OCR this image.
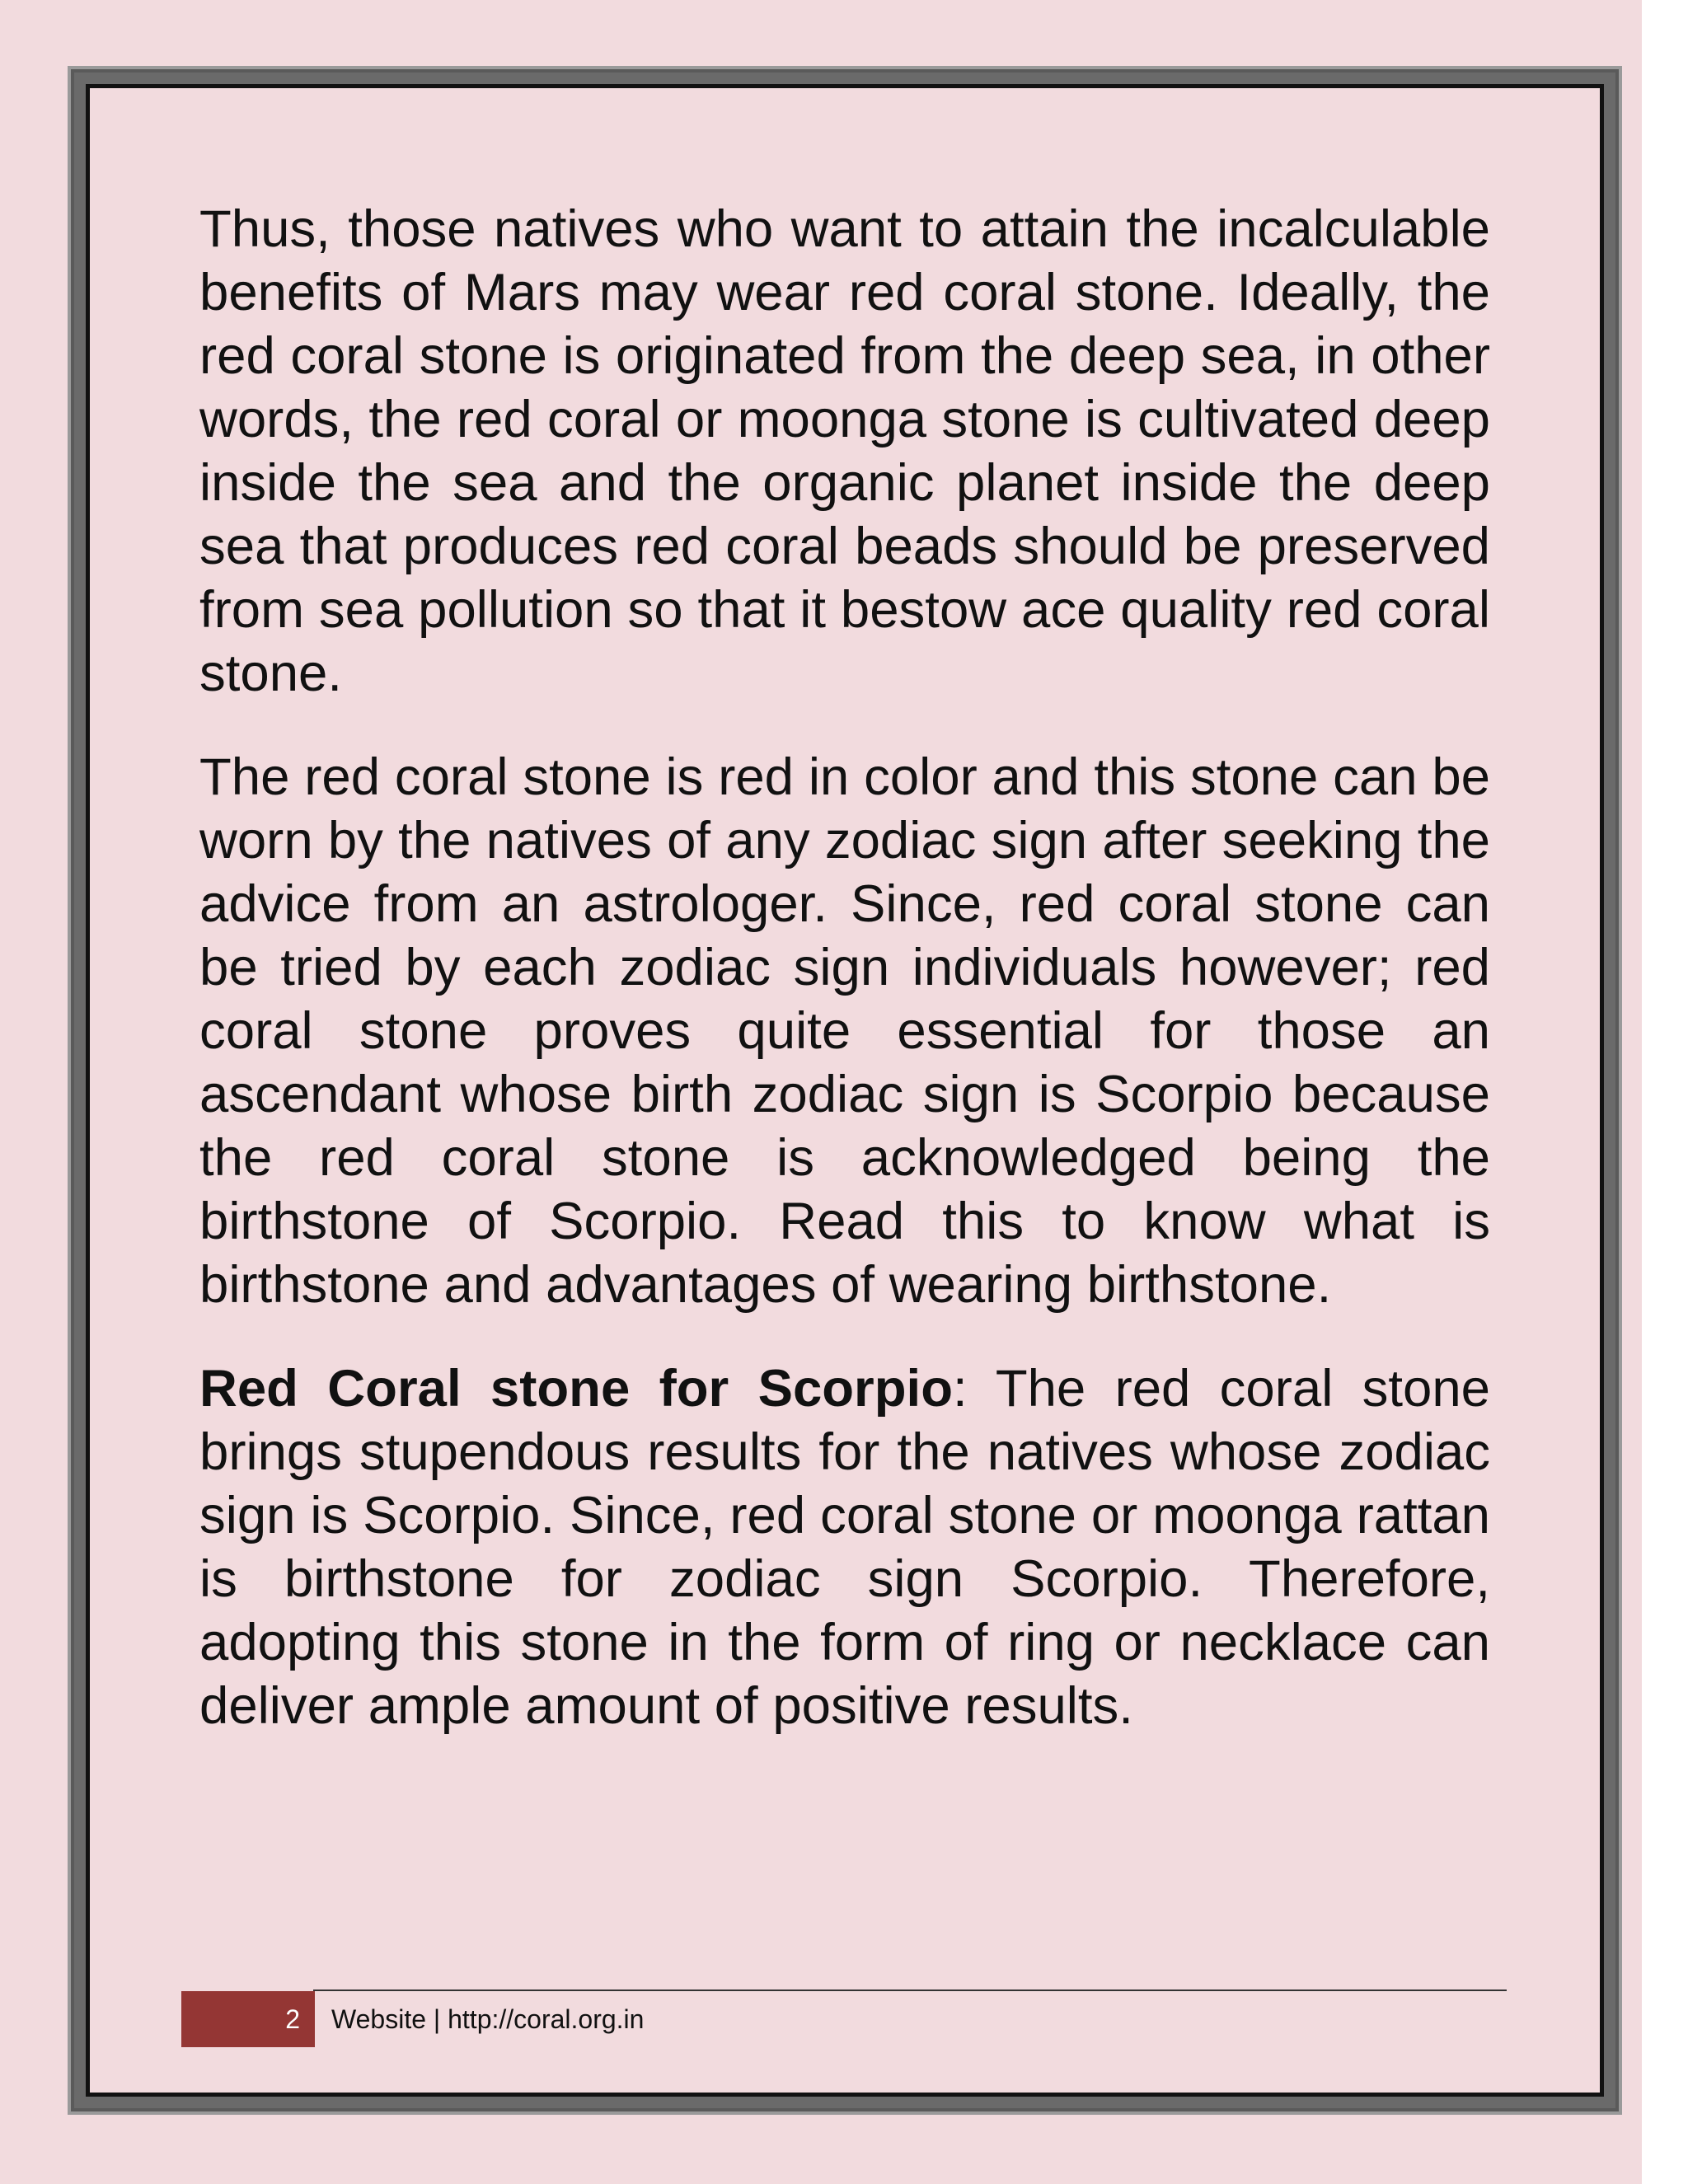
Thus, those natives who want to attain the incalculable benefits of Mars may wear red coral stone. Ideally, the red coral stone is originated from the deep sea, in other words, the red coral or moonga stone is cultivated deep inside the sea and the organic planet inside the deep sea that produces red coral beads should be preserved from sea pollution so that it bestow ace quality red coral stone.

The red coral stone is red in color and this stone can be worn by the natives of any zodiac sign after seeking the advice from an astrologer. Since, red coral stone can be tried by each zodiac sign individuals however; red coral stone proves quite essential for those an ascendant whose birth zodiac sign is Scorpio because the red coral stone is acknowledged being the birthstone of Scorpio. Read this to know what is birthstone and advantages of wearing birthstone.

Red Coral stone for Scorpio: The red coral stone brings stupendous results for the natives whose zodiac sign is Scorpio. Since, red coral stone or moonga rattan is birthstone for zodiac sign Scorpio. Therefore, adopting this stone in the form of ring or necklace can deliver ample amount of positive results.

2	Website | http://coral.org.in
